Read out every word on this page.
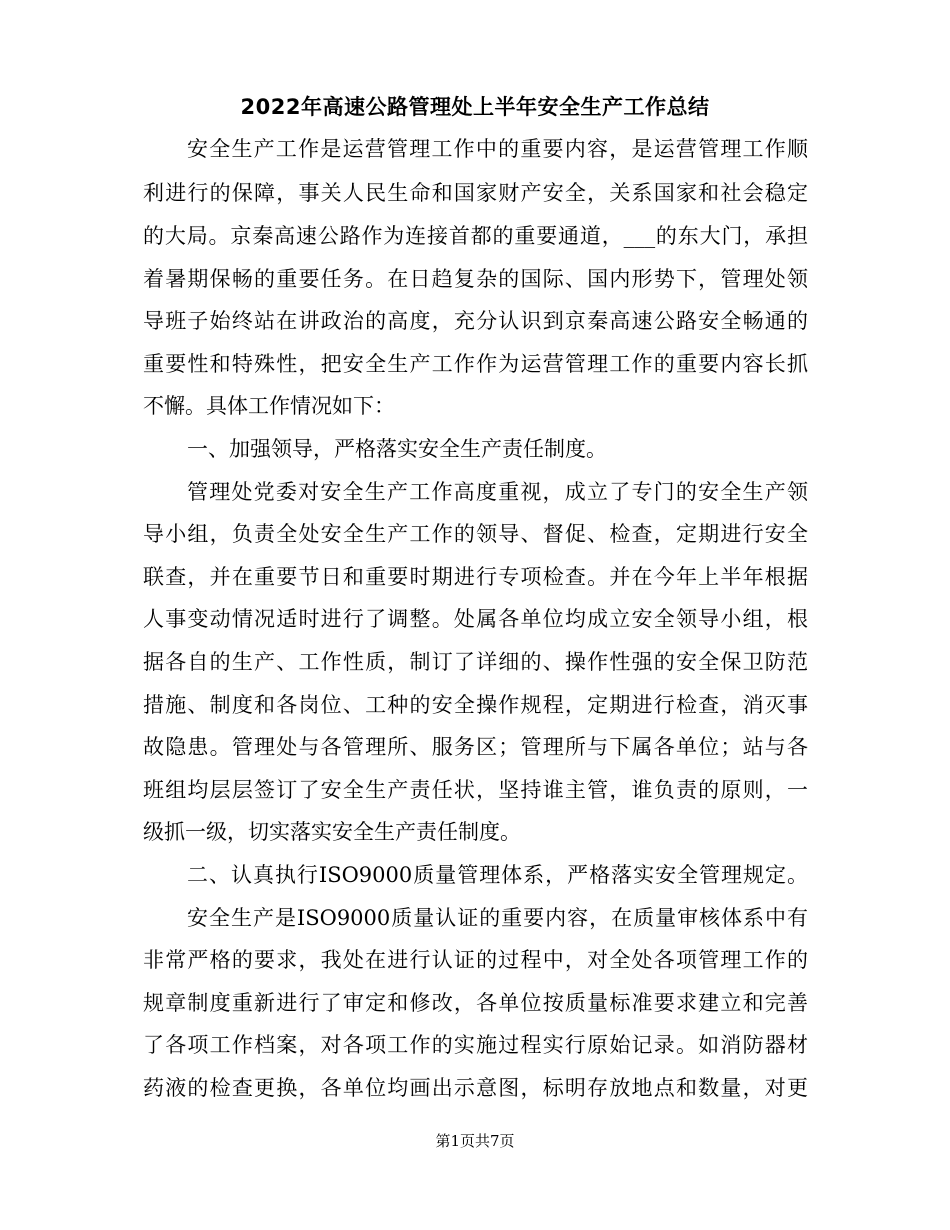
2022年高速公路管理处上半年安全生产工作总结
安全生产工作是运营管理工作中的重要内容，是运营管理工作顺
利进行的保障，事关人民生命和国家财产安全，关系国家和社会稳定
的大局。京秦高速公路作为连接首都的重要通道，___的东大门，承担
着暑期保畅的重要任务。在日趋复杂的国际、国内形势下，管理处领
导班子始终站在讲政治的高度，充分认识到京秦高速公路安全畅通的
重要性和特殊性，把安全生产工作作为运营管理工作的重要内容长抓
不懈。具体工作情况如下：
一、加强领导，严格落实安全生产责任制度。
管理处党委对安全生产工作高度重视，成立了专门的安全生产领
导小组，负责全处安全生产工作的领导、督促、检查，定期进行安全
联查，并在重要节日和重要时期进行专项检查。并在今年上半年根据
人事变动情况适时进行了调整。处属各单位均成立安全领导小组，根
据各自的生产、工作性质，制订了详细的、操作性强的安全保卫防范
措施、制度和各岗位、工种的安全操作规程，定期进行检查，消灭事
故隐患。管理处与各管理所、服务区；管理所与下属各单位；站与各
班组均层层签订了安全生产责任状，坚持谁主管，谁负责的原则，一
级抓一级，切实落实安全生产责任制度。
二、认真执行ISO9000质量管理体系，严格落实安全管理规定。
安全生产是ISO9000质量认证的重要内容，在质量审核体系中有
非常严格的要求，我处在进行认证的过程中，对全处各项管理工作的
规章制度重新进行了审定和修改，各单位按质量标准要求建立和完善
了各项工作档案，对各项工作的实施过程实行原始记录。如消防器材
药液的检查更换，各单位均画出示意图，标明存放地点和数量，对更
第1页共7页
